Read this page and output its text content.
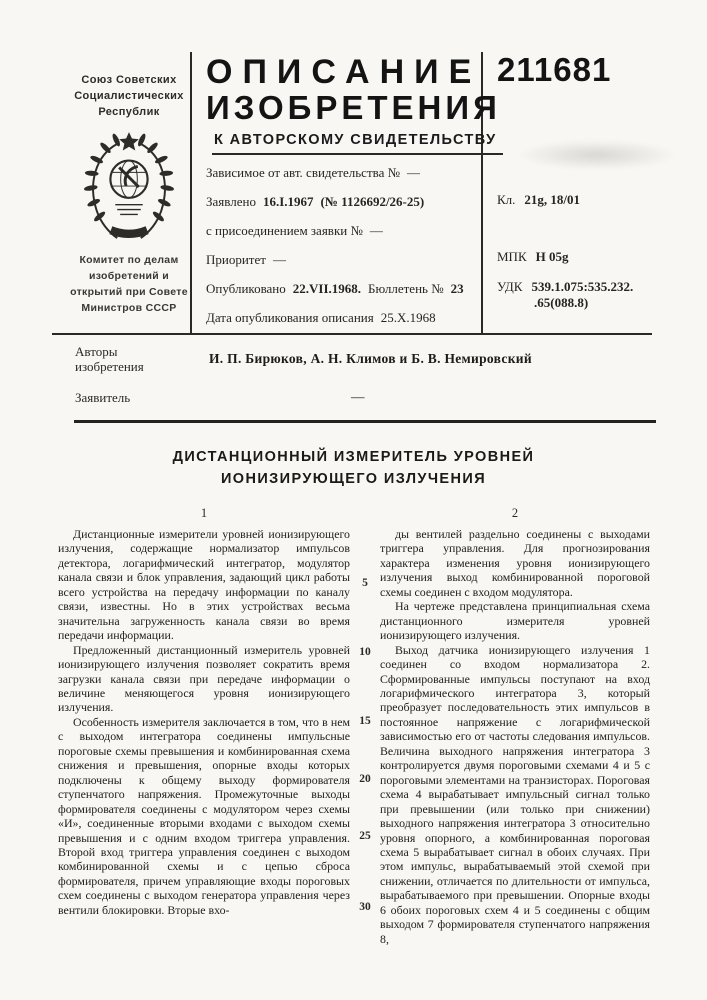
Союз Советских Социалистических Республик
Комитет по делам изобретений и открытий при Совете Министров СССР
ОПИСАНИЕ
ИЗОБРЕТЕНИЯ
К АВТОРСКОМУ СВИДЕТЕЛЬСТВУ
Зависимое от авт. свидетельства № —
Заявлено 16.I.1967 (№ 1126692/26-25)
с присоединением заявки № —
Приоритет —
Опубликовано 22.VII.1968. Бюллетень № 23
Дата опубликования описания 25.X.1968
211681
Кл. 21g, 18/01
МПК Н 05g
УДК 539.1.075:535.232.
.65(088.8)
Авторы изобретения
И. П. Бирюков, А. Н. Климов и Б. В. Немировский
Заявитель	—
ДИСТАНЦИОННЫЙ ИЗМЕРИТЕЛЬ УРОВНЕЙ
ИОНИЗИРУЮЩЕГО ИЗЛУЧЕНИЯ
1	2

Дистанционные измерители уровней ионизирующего излучения, содержащие нормализатор импульсов детектора, логарифмический интегратор, модулятор канала связи и блок управления, задающий цикл работы всего устройства на передачу информации по каналу связи, известны. Но в этих устройствах весьма значительна загруженность канала связи во время передачи информации.

Предложенный дистанционный измеритель уровней ионизирующего излучения позволяет сократить время загрузки канала связи при передаче информации о величине меняющегося уровня ионизирующего излучения.

Особенность измерителя заключается в том, что в нем с выходом интегратора соединены импульсные пороговые схемы превышения и комбинированная схема снижения и превышения, опорные входы которых подключены к общему выходу формирователя ступенчатого напряжения. Промежуточные выходы формирователя соединены с модулятором через схемы «И», соединенные вторыми входами с выходом схемы превышения и с одним входом триггера управления. Второй вход триггера управления соединен с выходом комбинированной схемы и с цепью сброса формирователя, причем управляющие входы пороговых схем соединены с выходом генератора управления через вентили блокировки. Вторые вхо-

5
10
15
20
25
30

ды вентилей раздельно соединены с выходами триггера управления. Для прогнозирования характера изменения уровня ионизирующего излучения выход комбинированной пороговой схемы соединен с входом модулятора.

На чертеже представлена принципиальная схема дистанционного измерителя уровней ионизирующего излучения.

Выход датчика ионизирующего излучения 1 соединен со входом нормализатора 2. Сформированные импульсы поступают на вход логарифмического интегратора 3, который преобразует последовательность этих импульсов в постоянное напряжение с логарифмической зависимостью его от частоты следования импульсов. Величина выходного напряжения интегратора 3 контролируется двумя пороговыми схемами 4 и 5 с пороговыми элементами на транзисторах. Пороговая схема 4 вырабатывает импульсный сигнал только при превышении (или только при снижении) выходного напряжения интегратора 3 относительно уровня опорного, а комбинированная пороговая схема 5 вырабатывает сигнал в обоих случаях. При этом импульс, вырабатываемый этой схемой при снижении, отличается по длительности от импульса, вырабатываемого при превышении. Опорные входы 6 обоих пороговых схем 4 и 5 соединены с общим выходом 7 формирователя ступенчатого напряжения 8,
